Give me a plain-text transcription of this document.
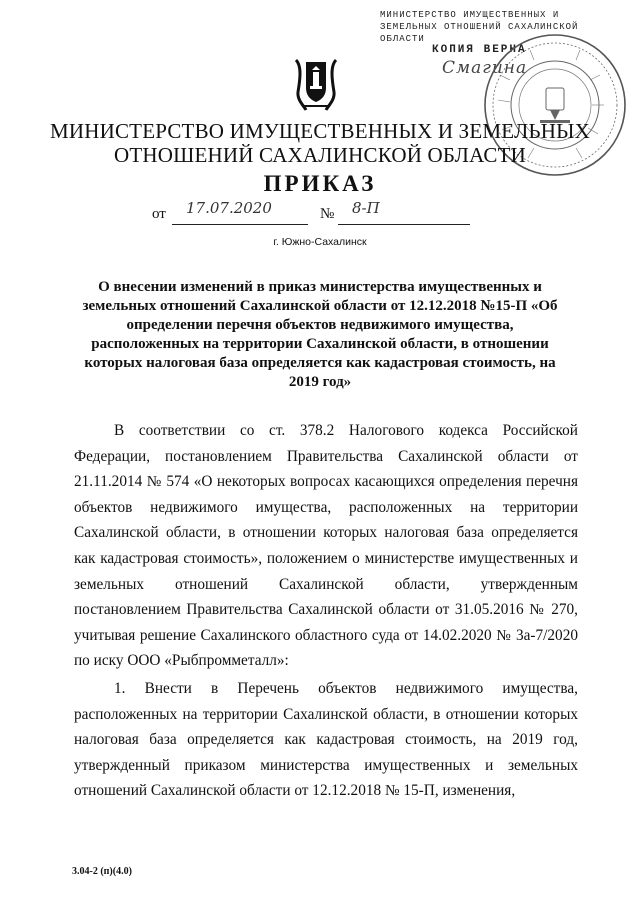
МИНИСТЕРСТВО ИМУЩЕСТВЕННЫХ И
ЗЕМЕЛЬНЫХ ОТНОШЕНИЙ САХАЛИНСКОЙ
ОБЛАСТИ
КОПИЯ ВЕРНА
Смагина
МИНИСТЕРСТВО ИМУЩЕСТВЕННЫХ И ЗЕМЕЛЬНЫХ
ОТНОШЕНИЙ САХАЛИНСКОЙ ОБЛАСТИ
ПРИКАЗ
от 17.07.2020	№ 8-П
г. Южно-Сахалинск
О внесении изменений в приказ министерства имущественных и
земельных отношений Сахалинской области от 12.12.2018 №15-П «Об
определении перечня объектов недвижимого имущества,
расположенных на территории Сахалинской области, в отношении
которых налоговая база определяется как кадастровая стоимость, на
2019 год»

В соответствии со ст. 378.2 Налогового кодекса Российской Федерации, постановлением Правительства Сахалинской области от 21.11.2014 № 574 «О некоторых вопросах касающихся определения перечня объектов недвижимого имущества, расположенных на территории Сахалинской области, в отношении которых налоговая база определяется как кадастровая стоимость», положением о министерстве имущественных и земельных отношений Сахалинской области, утвержденным постановлением Правительства Сахалинской области от 31.05.2016 № 270, учитывая решение Сахалинского областного суда от 14.02.2020 № 3а-7/2020 по иску ООО «Рыбпромметалл»:

1. Внести в Перечень объектов недвижимого имущества, расположенных на территории Сахалинской области, в отношении которых налоговая база определяется как кадастровая стоимость, на 2019 год, утвержденный приказом министерства имущественных и земельных отношений Сахалинской области от 12.12.2018 № 15-П, изменения,

3.04-2 (п)(4.0)
